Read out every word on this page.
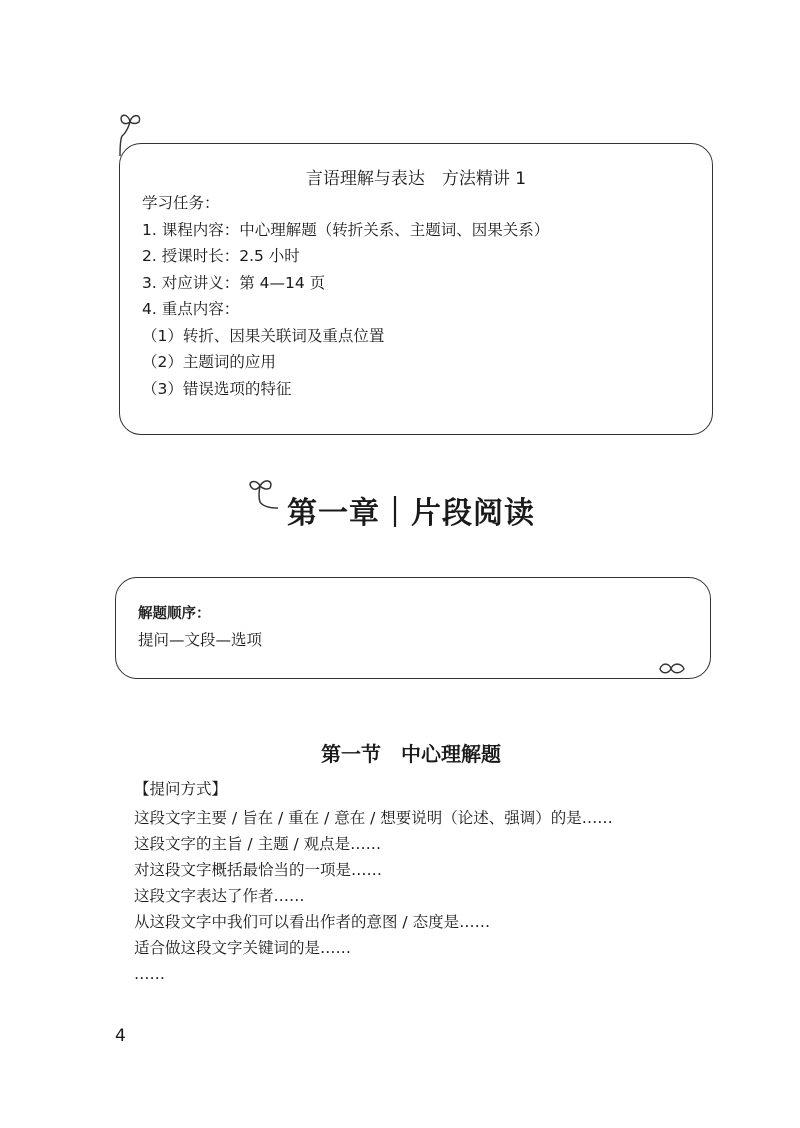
言语理解与表达　方法精讲 1
学习任务：
1. 课程内容：中心理解题（转折关系、主题词、因果关系）
2. 授课时长：2.5 小时
3. 对应讲义：第 4—14 页
4. 重点内容：
（1）转折、因果关联词及重点位置
（2）主题词的应用
（3）错误选项的特征
第一章｜片段阅读
解题顺序：
提问—文段—选项
第一节　中心理解题
【提问方式】
这段文字主要 / 旨在 / 重在 / 意在 / 想要说明（论述、强调）的是……
这段文字的主旨 / 主题 / 观点是……
对这段文字概括最恰当的一项是……
这段文字表达了作者……
从这段文字中我们可以看出作者的意图 / 态度是……
适合做这段文字关键词的是……
……
4
